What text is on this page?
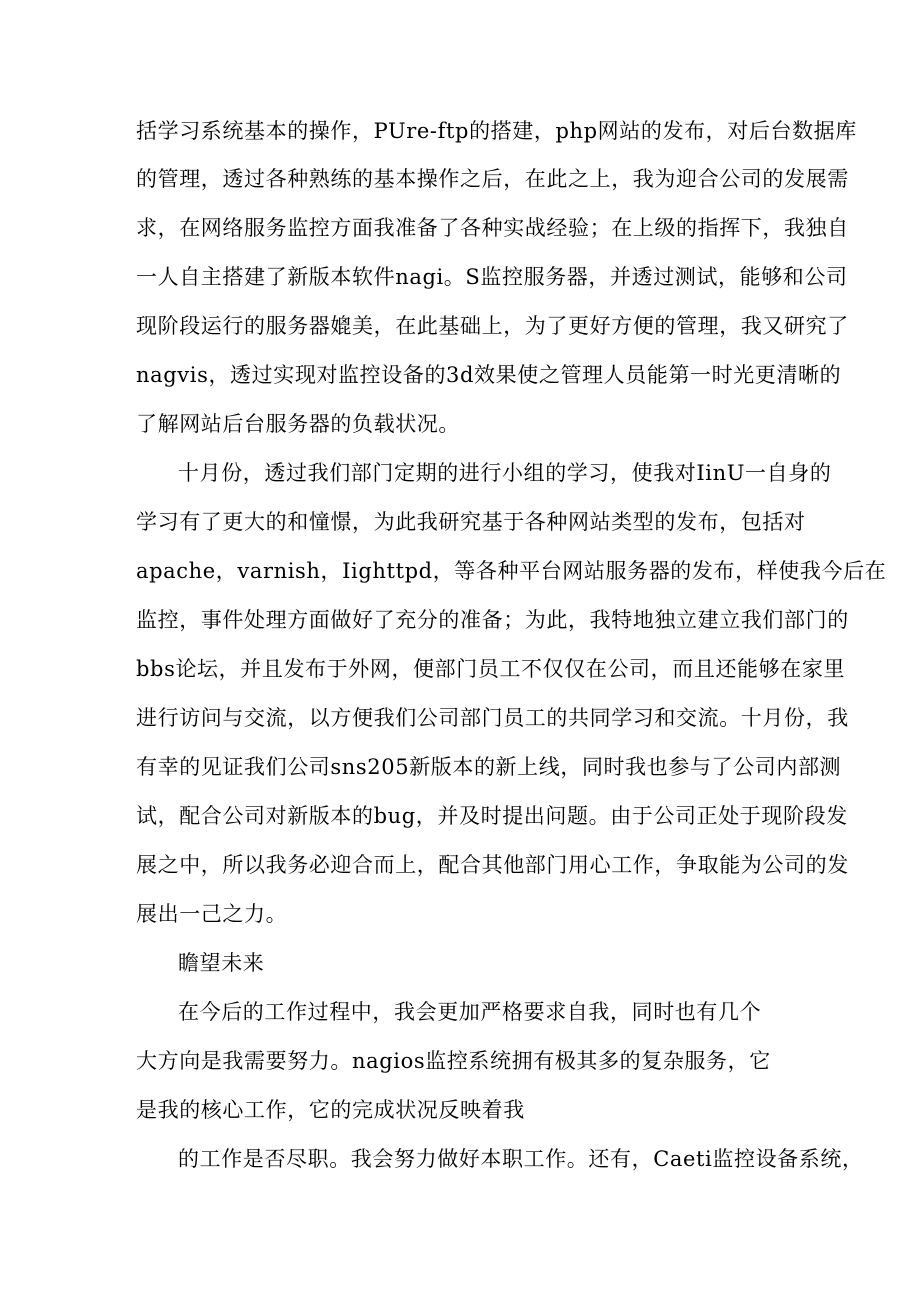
括学习系统基本的操作，PUre-ftp的搭建，php网站的发布，对后台数据库
的管理，透过各种熟练的基本操作之后，在此之上，我为迎合公司的发展需
求，在网络服务监控方面我准备了各种实战经验；在上级的指挥下，我独自
一人自主搭建了新版本软件nagi。S监控服务器，并透过测试，能够和公司
现阶段运行的服务器媲美，在此基础上，为了更好方便的管理，我又研究了
nagvis，透过实现对监控设备的3d效果使之管理人员能第一时光更清晰的
了解网站后台服务器的负载状况。
十月份，透过我们部门定期的进行小组的学习，使我对IinU一自身的
学习有了更大的和憧憬，为此我研究基于各种网站类型的发布，包括对
apache，varnish，Iighttpd，等各种平台网站服务器的发布，样使我今后在
监控，事件处理方面做好了充分的准备；为此，我特地独立建立我们部门的
bbs论坛，并且发布于外网，便部门员工不仅仅在公司，而且还能够在家里
进行访问与交流，以方便我们公司部门员工的共同学习和交流。十月份，我
有幸的见证我们公司sns205新版本的新上线，同时我也参与了公司内部测
试，配合公司对新版本的bug，并及时提出问题。由于公司正处于现阶段发
展之中，所以我务必迎合而上，配合其他部门用心工作，争取能为公司的发
展出一己之力。
瞻望未来
在今后的工作过程中，我会更加严格要求自我，同时也有几个
大方向是我需要努力。nagios监控系统拥有极其多的复杂服务，它
是我的核心工作，它的完成状况反映着我
的工作是否尽职。我会努力做好本职工作。还有，Caeti监控设备系统，
